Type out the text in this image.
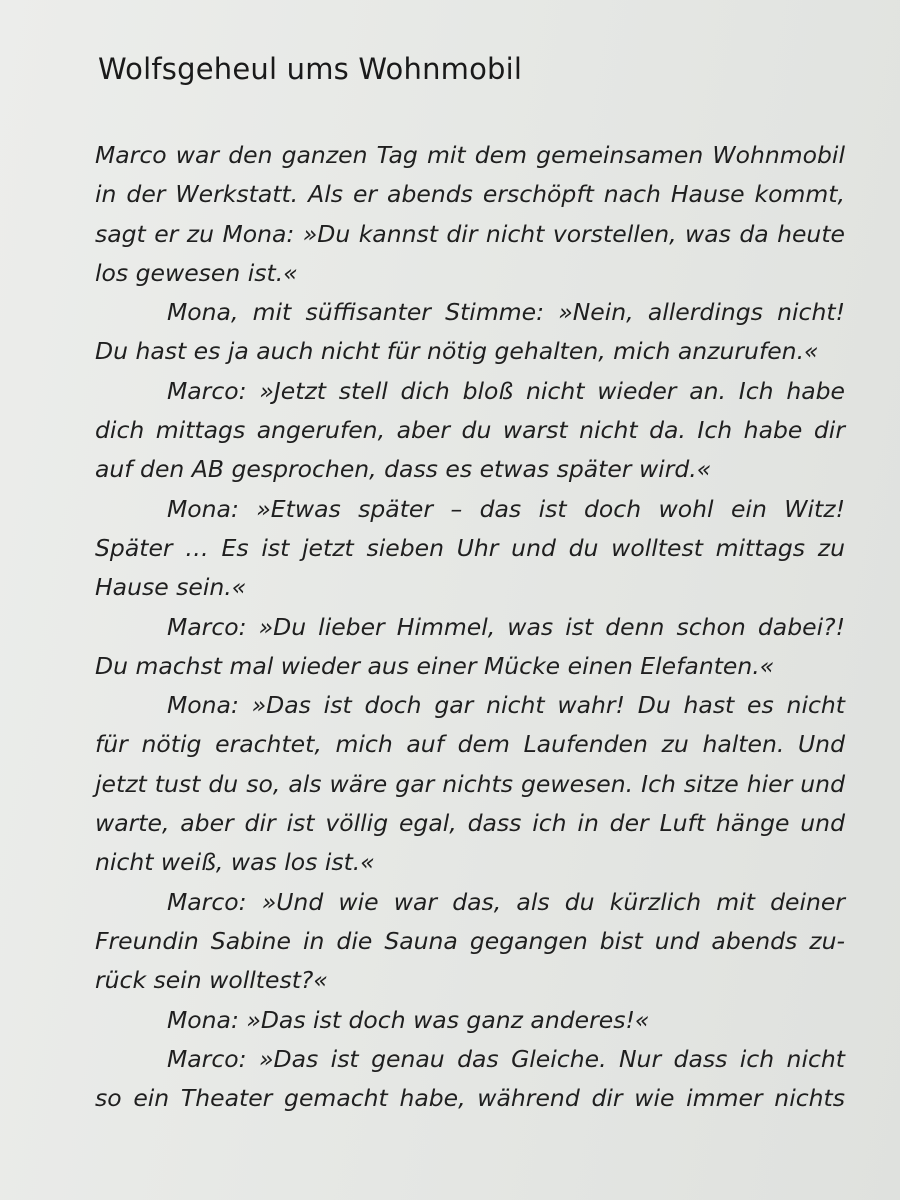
Wolfsgeheul ums Wohnmobil
Marco war den ganzen Tag mit dem gemeinsamen Wohnmobil
in der Werkstatt. Als er abends erschöpft nach Hause kommt,
sagt er zu Mona: »Du kannst dir nicht vorstellen, was da heute
los gewesen ist.«
Mona, mit süffisanter Stimme: »Nein, allerdings nicht!
Du hast es ja auch nicht für nötig gehalten, mich anzurufen.«
Marco: »Jetzt stell dich bloß nicht wieder an. Ich habe
dich mittags angerufen, aber du warst nicht da. Ich habe dir
auf den AB gesprochen, dass es etwas später wird.«
Mona: »Etwas später – das ist doch wohl ein Witz!
Später … Es ist jetzt sieben Uhr und du wolltest mittags zu
Hause sein.«
Marco: »Du lieber Himmel, was ist denn schon dabei?!
Du machst mal wieder aus einer Mücke einen Elefanten.«
Mona: »Das ist doch gar nicht wahr! Du hast es nicht
für nötig erachtet, mich auf dem Laufenden zu halten. Und
jetzt tust du so, als wäre gar nichts gewesen. Ich sitze hier und
warte, aber dir ist völlig egal, dass ich in der Luft hänge und
nicht weiß, was los ist.«
Marco: »Und wie war das, als du kürzlich mit deiner
Freundin Sabine in die Sauna gegangen bist und abends zu-
rück sein wolltest?«
Mona: »Das ist doch was ganz anderes!«
Marco: »Das ist genau das Gleiche. Nur dass ich nicht
so ein Theater gemacht habe, während dir wie immer nichts
